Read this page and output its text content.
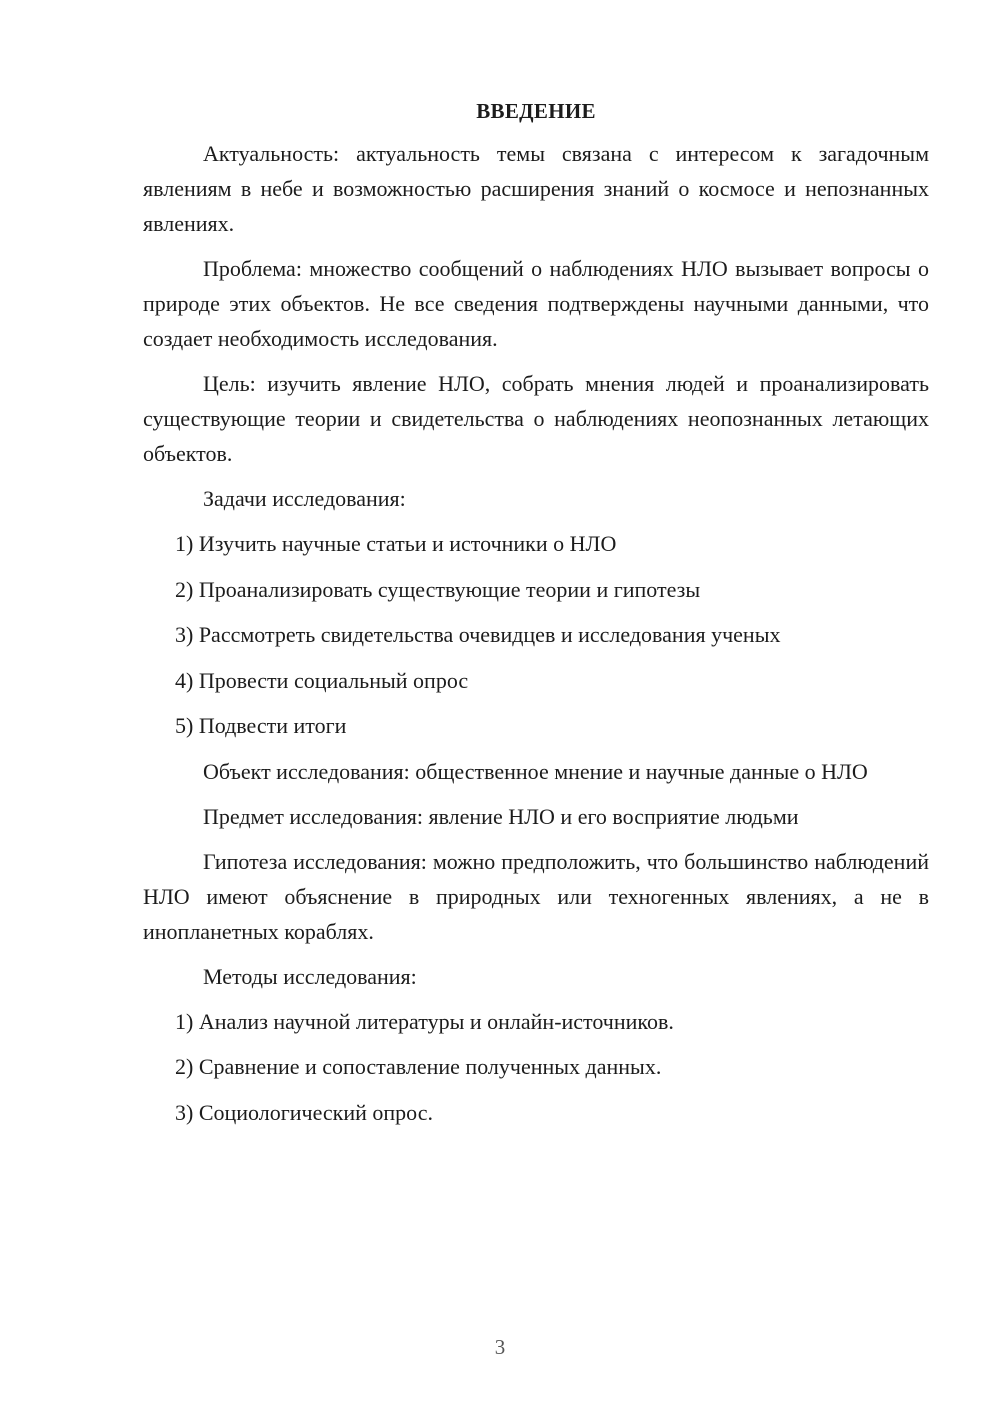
ВВЕДЕНИЕ

Актуальность: актуальность темы связана с интересом к загадочным явлениям в небе и возможностью расширения знаний о космосе и непознанных явлениях.

Проблема: множество сообщений о наблюдениях НЛО вызывает вопросы о природе этих объектов. Не все сведения подтверждены научными данными, что создает необходимость исследования.

Цель: изучить явление НЛО, собрать мнения людей и проанализировать существующие теории и свидетельства о наблюдениях неопознанных летающих объектов.

Задачи исследования:

1) Изучить научные статьи и источники о НЛО
2) Проанализировать существующие теории и гипотезы
3) Рассмотреть свидетельства очевидцев и исследования ученых
4) Провести социальный опрос
5) Подвести итоги

Объект исследования: общественное мнение и научные данные о НЛО

Предмет исследования: явление НЛО и его восприятие людьми

Гипотеза исследования: можно предположить, что большинство наблюдений НЛО имеют объяснение в природных или техногенных явлениях, а не в инопланетных кораблях.

Методы исследования:

1) Анализ научной литературы и онлайн-источников.
2) Сравнение и сопоставление полученных данных.
3) Социологический опрос.
3
